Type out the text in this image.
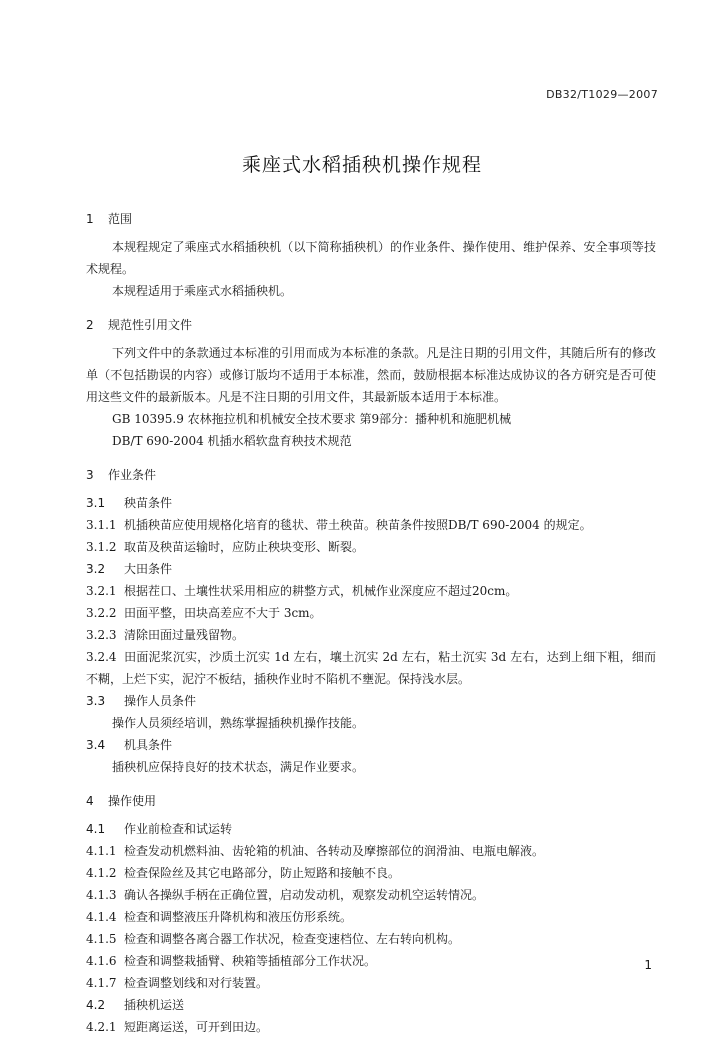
DB32/T1029—2007
乘座式水稻插秧机操作规程
1 范围
本规程规定了乘座式水稻插秧机（以下简称插秧机）的作业条件、操作使用、维护保养、安全事项等技术规程。
本规程适用于乘座式水稻插秧机。
2 规范性引用文件
下列文件中的条款通过本标准的引用而成为本标准的条款。凡是注日期的引用文件，其随后所有的修改单（不包括勘误的内容）或修订版均不适用于本标准，然而，鼓励根据本标准达成协议的各方研究是否可使用这些文件的最新版本。凡是不注日期的引用文件，其最新版本适用于本标准。
GB 10395.9 农林拖拉机和机械安全技术要求 第9部分：播种机和施肥机械
DB/T 690-2004 机插水稻软盘育秧技术规范
3 作业条件
3.1 秧苗条件
3.1.1 机插秧苗应使用规格化培育的毯状、带土秧苗。秧苗条件按照DB/T 690-2004 的规定。
3.1.2 取苗及秧苗运输时，应防止秧块变形、断裂。
3.2 大田条件
3.2.1 根据茬口、土壤性状采用相应的耕整方式，机械作业深度应不超过20cm。
3.2.2 田面平整，田块高差应不大于 3cm。
3.2.3 清除田面过量残留物。
3.2.4 田面泥浆沉实，沙质土沉实 1d 左右，壤土沉实 2d 左右，粘土沉实 3d 左右，达到上细下粗，细而不糊，上烂下实，泥泞不板结，插秧作业时不陷机不壅泥。保持浅水层。
3.3 操作人员条件
操作人员须经培训，熟练掌握插秧机操作技能。
3.4 机具条件
插秧机应保持良好的技术状态，满足作业要求。
4 操作使用
4.1 作业前检查和试运转
4.1.1 检查发动机燃料油、齿轮箱的机油、各转动及摩擦部位的润滑油、电瓶电解液。
4.1.2 检查保险丝及其它电路部分，防止短路和接触不良。
4.1.3 确认各操纵手柄在正确位置，启动发动机，观察发动机空运转情况。
4.1.4 检查和调整液压升降机构和液压仿形系统。
4.1.5 检查和调整各离合器工作状况，检查变速档位、左右转向机构。
4.1.6 检查和调整栽插臂、秧箱等插植部分工作状况。
4.1.7 检查调整划线和对行装置。
4.2 插秧机运送
4.2.1 短距离运送，可开到田边。
1
